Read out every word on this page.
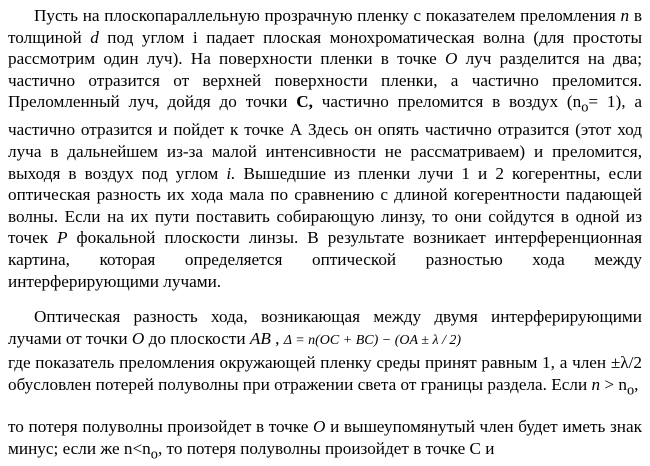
Пусть на плоскопараллельную прозрачную пленку с показателем преломления n в толщиной d под углом i падает плоская монохроматическая волна (для простоты рассмотрим один луч). На поверхности пленки в точке O луч разделится на два; частично отразится от верхней поверхности пленки, а частично преломится. Преломленный луч, дойдя до точки С, частично преломится в воздух $(n_o= 1)$, а частично отразится и пойдет к точке А Здесь он опять частично отразится (этот ход луча в дальнейшем из-за малой интенсивности не рассматриваем) и преломится, выходя в воздух под углом i. Вышедшие из пленки лучи 1 и 2 когерентны, если оптическая разность их хода мала по сравнению с длиной когерентности падающей волны. Если на их пути поставить собирающую линзу, то они сойдутся в одной из точек P фокальной плоскости линзы. В результате возникает интерференционная картина, которая определяется оптической разностью хода между интерферирующими лучами.

Оптическая разность хода, возникающая между двумя интерферирующими лучами от точки O до плоскости AB , Δ = n(OC + BC) − (OA ± λ / 2)

где показатель преломления окружающей пленку среды принят равным 1, а член ±λ/2 обусловлен потерей полуволны при отражении света от границы раздела. Если $n > n_o$,

то потеря полуволны произойдет в точке O и вышеупомянутый член будет иметь знак минус; если же $n<n_o$, то потеря полуволны произойдет в точке С и
